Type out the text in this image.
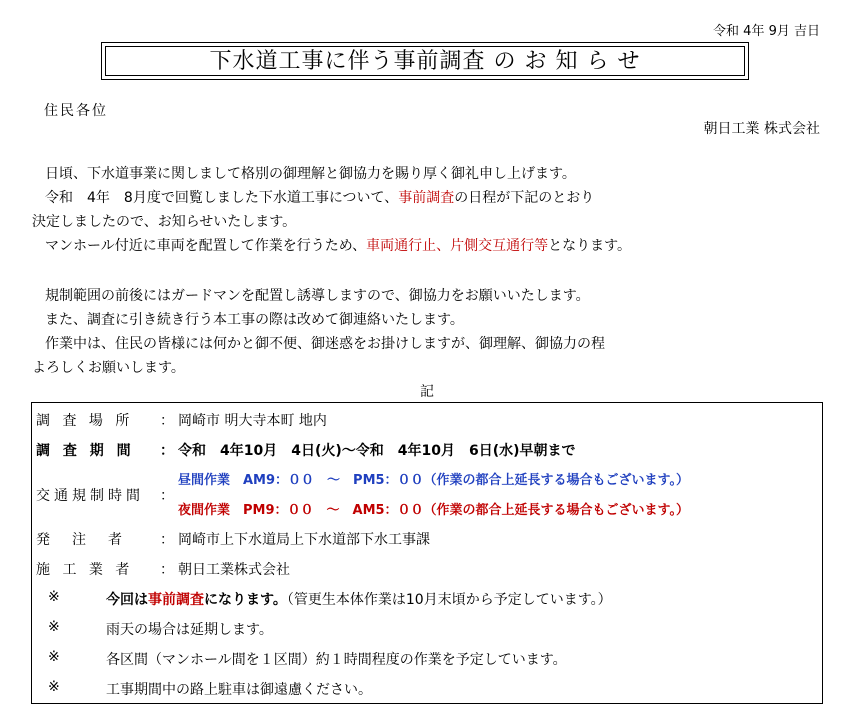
令和 4年 9月 吉日
下水道工事に伴う事前調査 の お 知 ら せ
住民各位
朝日工業 株式会社
日頃、下水道事業に関しまして格別の御理解と御協力を賜り厚く御礼申し上げます。
令和　4年　8月度で回覧しました下水道工事について、事前調査の日程が下記のとおり
決定しましたので、お知らせいたします。
マンホール付近に車両を配置して作業を行うため、車両通行止、片側交互通行等となります。
規制範囲の前後にはガードマンを配置し誘導しますので、御協力をお願いいたします。
また、調査に引き続き行う本工事の際は改めて御連絡いたします。
作業中は、住民の皆様には何かと御不便、御迷惑をお掛けしますが、御理解、御協力の程
よろしくお願いします。
記
調 査 場 所 ： 岡崎市 明大寺本町 地内
調 査 期 間 ： 令和　4年10月　4日(火)～令和　4年10月　6日(水)早朝まで
交通規制時間 ：
昼間作業　AM9：００　～　PM5：００（作業の都合上延長する場合もございます。）
夜間作業　PM9：００　～　AM5：００（作業の都合上延長する場合もございます。）
発　注　者 ： 岡崎市上下水道局上下水道部下水工事課
施 工 業 者 ： 朝日工業株式会社
※	今回は事前調査になります。（管更生本体作業は10月末頃から予定しています。）
※	雨天の場合は延期します。
※	各区間（マンホール間を１区間）約１時間程度の作業を予定しています。
※	工事期間中の路上駐車は御遠慮ください。
